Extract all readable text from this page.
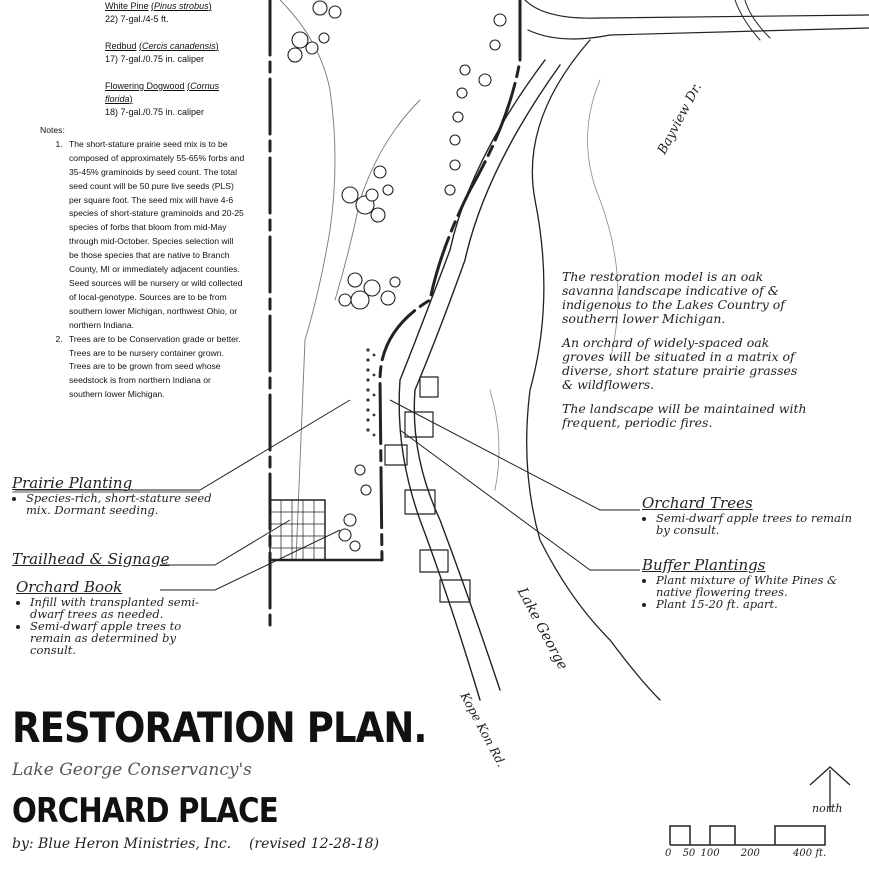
White Pine (Pinus strobus)
22) 7-gal./4-5 ft.
Redbud (Cercis canadensis)
17) 7-gal./0.75 in. caliper
Flowering Dogwood (Cornus florida)
18) 7-gal./0.75 in. caliper
Notes:
1. The short-stature prairie seed mix is to be composed of approximately 55-65% forbs and 35-45% graminoids by seed count. The total seed count will be 50 pure live seeds (PLS) per square foot. The seed mix will have 4-6 species of short-stature graminoids and 20-25 species of forbs that bloom from mid-May through mid-October. Species selection will be those species that are native to Branch County, MI or immediately adjacent counties. Seed sources will be nursery or wild collected of local-genotype. Sources are to be from southern lower Michigan, northwest Ohio, or northern Indiana.
2. Trees are to be Conservation grade or better. Trees are to be nursery container grown. Trees are to be grown from seed whose seedstock is from northern Indiana or southern lower Michigan.

The restoration model is an oak savanna landscape indicative of & indigenous to the Lakes Country of southern lower Michigan.

An orchard of widely-spaced oak groves will be situated in a matrix of diverse, short stature prairie grasses & wildflowers.

The landscape will be maintained with frequent, periodic fires.

Prairie Planting
• Species-rich, short-stature seed mix. Dormant seeding.
Trailhead & Signage
Orchard Book
• Infill with transplanted semi-dwarf trees as needed.
• Semi-dwarf apple trees to remain as determined by consult.
Orchard Trees
• Semi-dwarf apple trees to remain by consult.
Buffer Plantings
• Plant mixture of White Pines & native flowering trees.
• Plant 15-20 ft. apart.
Bayview Dr.
Lake George
Kope Kon Rd.
RESTORATION PLAN.
Lake George Conservancy's
ORCHARD PLACE
by: Blue Heron Ministries, Inc. (revised 12-28-18)
north
0 50 100 200	400 ft.
